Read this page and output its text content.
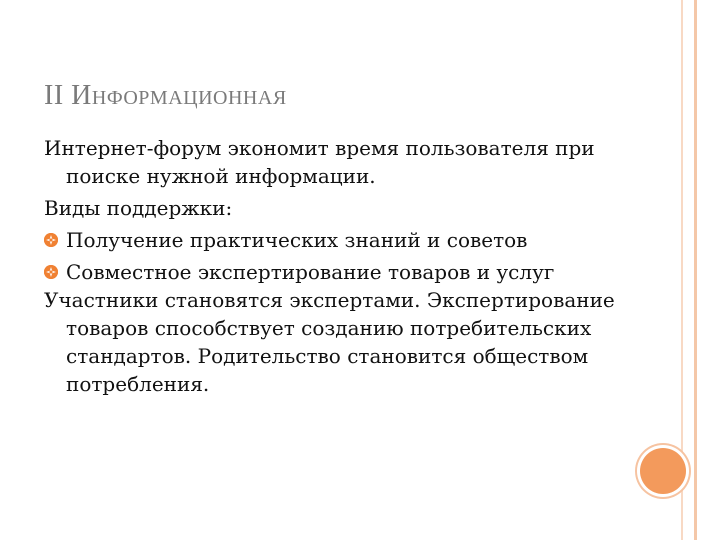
II ИНФОРМАЦИОННАЯ

Интернет-форум экономит время пользователя при поиске нужной информации.

Виды поддержки:

Получение практических знаний и советов

Совместное экспертирование товаров и услуг

Участники становятся экспертами. Экспертирование товаров способствует созданию потребительских стандартов. Родительство становится обществом потребления.
